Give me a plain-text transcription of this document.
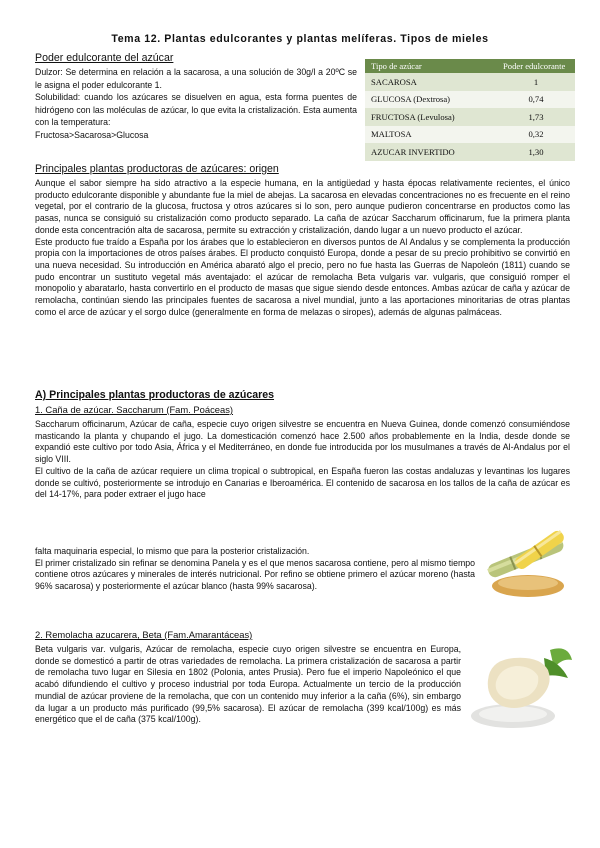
Tema 12. Plantas edulcorantes y plantas melíferas. Tipos de mieles
Poder edulcorante del azúcar

Dulzor: Se determina en relación a la sacarosa, a una solución de 30g/l a 20ºC se le asigna el poder edulcorante 1.

Solubilidad: cuando los azúcares se disuelven en agua, esta forma puentes de hidrógeno con las moléculas de azúcar, lo que evita la cristalización. Esta aumenta con la temperatura:

Fructosa>Sacarosa>Glucosa

Tipo de azúcar	Poder edulcorante
SACAROSA	1
GLUCOSA (Dextrosa)	0,74
FRUCTOSA (Levulosa)	1,73
MALTOSA	0,32
AZUCAR INVERTIDO	1,30
Principales plantas productoras de azúcares: origen

Aunque el sabor siempre ha sido atractivo a la especie humana, en la antigüedad y hasta épocas relativamente recientes, el único producto edulcorante disponible y abundante fue la miel de abejas. La sacarosa en elevadas concentraciones no es frecuente en el reino vegetal, por el contrario de la glucosa, fructosa y otros azúcares si lo son, pero aunque pudieron concentrarse en productos como las pasas, nunca se consiguió su cristalización como producto separado. La caña de azúcar Saccharum officinarum, fue la primera planta donde esta concentración alta de sacarosa, permite su extracción y cristalización, dando lugar a un nuevo producto el azúcar.

Este producto fue traído a España por los árabes que lo establecieron en diversos puntos de Al Andalus y se complementa la producción propia con la importaciones de otros países árabes. El producto conquistó Europa, donde a pesar de su precio prohibitivo se convirtió en una nueva necesidad. Su introducción en América abarató algo el precio, pero no fue hasta las Guerras de Napoleón (1811) cuando se pudo encontrar un sustituto vegetal más aventajado: el azúcar de remolacha Beta vulgaris var. vulgaris, que consiguió romper el monopolio y abaratarlo, hasta convertirlo en el producto de masas que sigue siendo desde entonces. Ambas azúcar de caña y azúcar de remolacha, continúan siendo las principales fuentes de sacarosa a nivel mundial, junto a las aportaciones minoritarias de otras plantas como el arce de azúcar y el sorgo dulce (generalmente en forma de melazas o siropes), además de algunas palmáceas.

A) Principales plantas productoras de azúcares
1. Caña de azúcar. Saccharum (Fam. Poáceas)

Saccharum officinarum, Azúcar de caña, especie cuyo origen silvestre se encuentra en Nueva Guinea, donde comenzó consumiéndose masticando la planta y chupando el jugo. La domesticación comenzó hace 2.500 años probablemente en la India, desde donde se expandió este cultivo por todo Asia, África y el Mediterráneo, en donde fue introducida por los musulmanes a través de Al-Andalus por el siglo VIII.

El cultivo de la caña de azúcar requiere un clima tropical o subtropical, en España fueron las costas andaluzas y levantinas los lugares donde se cultivó, posteriormente se introdujo en Canarias e Iberoamérica. El contenido de sacarosa en los tallos de la caña de azúcar es del 14-17%, para poder extraer el jugo hace

falta maquinaria especial, lo mismo que para la posterior cristalización.

El primer cristalizado sin refinar se denomina Panela y es el que menos sacarosa contiene, pero al mismo tiempo contiene otros azúcares y minerales de interés nutricional. Por refino se obtiene primero el azúcar moreno (hasta 96% sacarosa) y posteriormente el azúcar blanco (hasta 99% sacarosa).

2. Remolacha azucarera, Beta (Fam.Amarantáceas)

Beta vulgaris var. vulgaris, Azúcar de remolacha, especie cuyo origen silvestre se encuentra en Europa, donde se domesticó a partir de otras variedades de remolacha. La primera cristalización de sacarosa a partir de remolacha tuvo lugar en Silesia en 1802 (Polonia, antes Prusia). Pero fue el imperio Napoleónico el que acabó difundiendo el cultivo y proceso industrial por toda Europa. Actualmente un tercio de la producción mundial de azúcar proviene de la remolacha, que con un contenido muy inferior a la caña (6%), sin embargo da lugar a un producto más purificado (99,5% sacarosa). El azúcar de remolacha (399 kcal/100g) es más energético que el de caña (375 kcal/100g).
